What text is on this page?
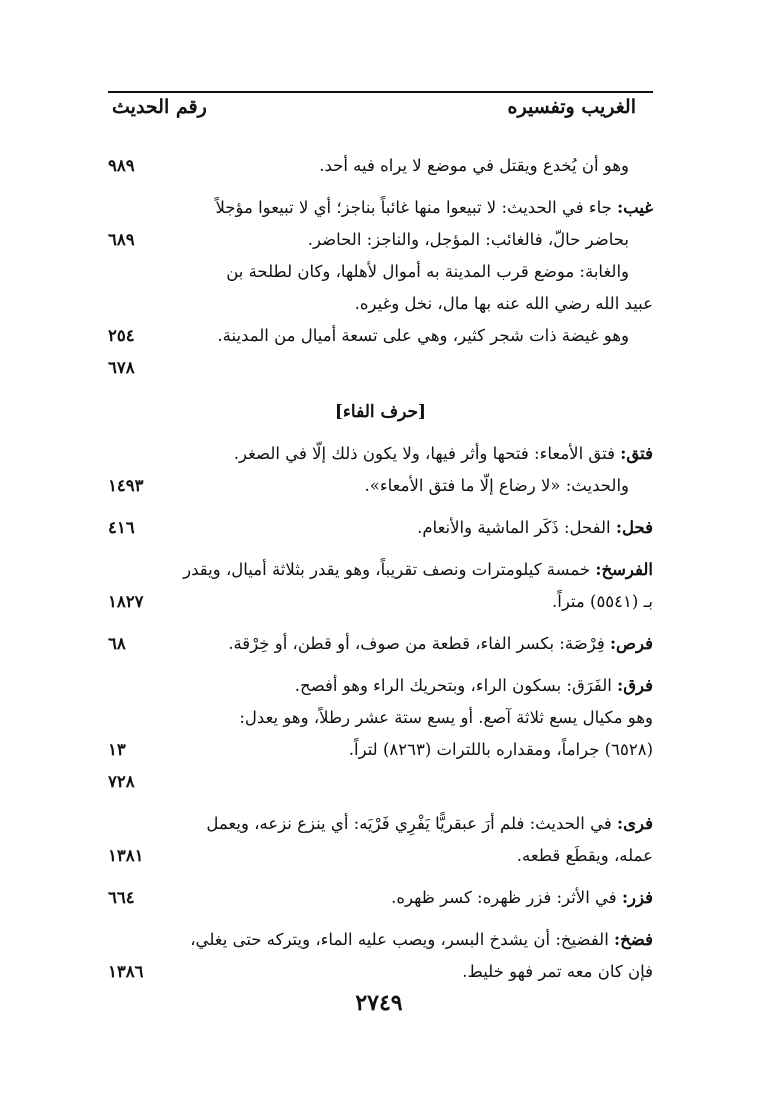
الغريب وتفسيره
رقم الحديث
وهو أن يُخدع ويقتل في موضع لا يراه فيه أحد.
٩٨٩
غيب: جاء في الحديث: لا تبيعوا منها غائباً بناجز؛ أي لا تبيعوا مؤجلاً
بحاضر حالّ، فالغائب: المؤجل، والناجز: الحاضر.
والغابة: موضع قرب المدينة به أموال لأهلها، وكان لطلحة بن
عبيد الله رضي الله عنه بها مال، نخل وغيره.
وهو غيضة ذات شجر كثير، وهي على تسعة أميال من المدينة.
٦٨٩
٢٥٤
٦٧٨
[حرف الفاء]
فتق: فتق الأمعاء: فتحها وأثر فيها، ولا يكون ذلك إلّا في الصغر.
والحديث: «لا رضاع إلّا ما فتق الأمعاء».
١٤٩٣
فحل: الفحل: ذَكَر الماشية والأنعام.
٤١٦
الفرسخ: خمسة كيلومترات ونصف تقريباً، وهو يقدر بثلاثة أميال، ويقدر
بـ (٥٥٤١) متراً.
١٨٢٧
فرص: فِرْصَة: بكسر الفاء، قطعة من صوف، أو قطن، أو خِرْقة.
٦٨
فرق: الفَرَق: بسكون الراء، وبتحريك الراء وهو أفصح.
وهو مكيال يسع ثلاثة آصع. أو يسع ستة عشر رطلاً، وهو يعدل:
(٦٥٢٨) جراماً، ومقداره باللترات (٨٢٦٣) لتراً.
١٣
٧٢٨
فرى: في الحديث: فلم أرَ عبقريًّا يَفْرِي فَرْيَه: أي ينزع نزعه، ويعمل
عمله، ويقطَع قطعه.
١٣٨١
فزر: في الأثر: فزر ظهره: كسر ظهره.
٦٦٤
فضخ: الفضيخ: أن يشدخ البسر، ويصب عليه الماء، ويتركه حتى يغلي،
فإن كان معه تمر فهو خليط.
١٣٨٦
٢٧٤٩
